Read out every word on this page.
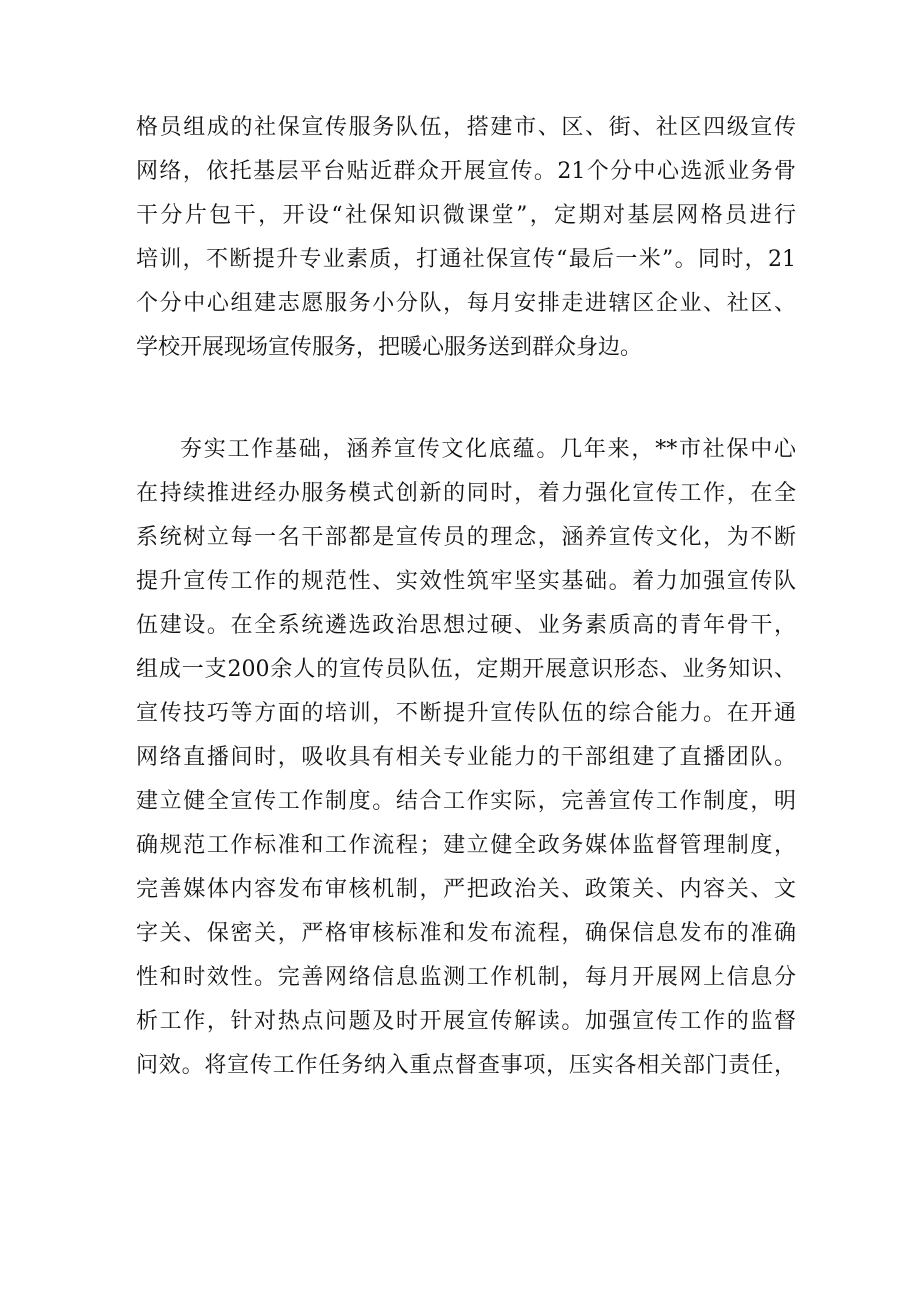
格员组成的社保宣传服务队伍，搭建市、区、街、社区四级宣传
网络，依托基层平台贴近群众开展宣传。21个分中心选派业务骨
干分片包干，开设“社保知识微课堂”，定期对基层网格员进行
培训，不断提升专业素质，打通社保宣传“最后一米”。同时，21
个分中心组建志愿服务小分队，每月安排走进辖区企业、社区、
学校开展现场宣传服务，把暖心服务送到群众身边。
夯实工作基础，涵养宣传文化底蕴。几年来，**市社保中心
在持续推进经办服务模式创新的同时，着力强化宣传工作，在全
系统树立每一名干部都是宣传员的理念，涵养宣传文化，为不断
提升宣传工作的规范性、实效性筑牢坚实基础。着力加强宣传队
伍建设。在全系统遴选政治思想过硬、业务素质高的青年骨干，
组成一支200余人的宣传员队伍，定期开展意识形态、业务知识、
宣传技巧等方面的培训，不断提升宣传队伍的综合能力。在开通
网络直播间时，吸收具有相关专业能力的干部组建了直播团队。
建立健全宣传工作制度。结合工作实际，完善宣传工作制度，明
确规范工作标准和工作流程；建立健全政务媒体监督管理制度，
完善媒体内容发布审核机制，严把政治关、政策关、内容关、文
字关、保密关，严格审核标准和发布流程，确保信息发布的准确
性和时效性。完善网络信息监测工作机制，每月开展网上信息分
析工作，针对热点问题及时开展宣传解读。加强宣传工作的监督
问效。将宣传工作任务纳入重点督查事项，压实各相关部门责任，
